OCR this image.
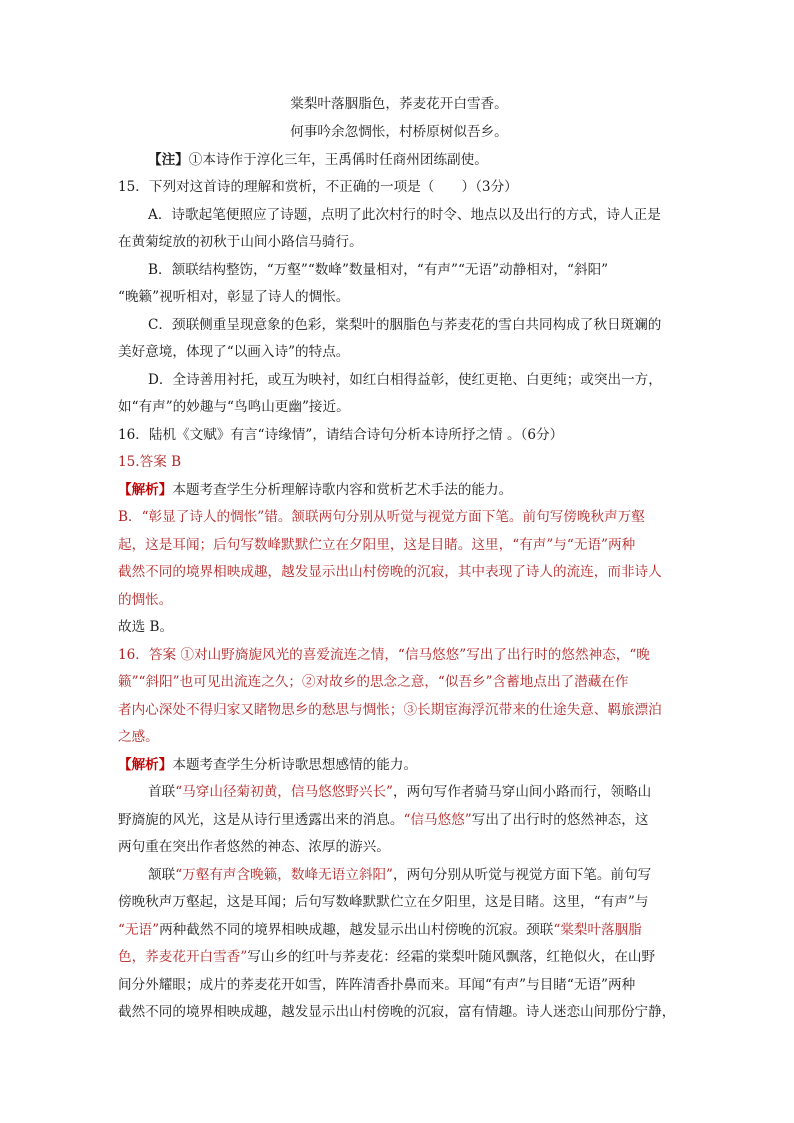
棠梨叶落胭脂色，荞麦花开白雪香。
何事吟余忽惆怅，村桥原树似吾乡。
【注】①本诗作于淳化三年，王禹偁时任商州团练副使。
15．下列对这首诗的理解和赏析，不正确的一项是（　　）（3分）
A．诗歌起笔便照应了诗题，点明了此次村行的时令、地点以及出行的方式，诗人正是
在黄菊绽放的初秋于山间小路信马骑行。
B．颔联结构整饬，“万壑”“数峰”数量相对，“有声”“无语”动静相对，“斜阳”
“晚籁”视听相对，彰显了诗人的惆怅。
C．颈联侧重呈现意象的色彩，棠梨叶的胭脂色与荞麦花的雪白共同构成了秋日斑斓的
美好意境，体现了“以画入诗”的特点。
D．全诗善用衬托，或互为映衬，如红白相得益彰，使红更艳、白更纯；或突出一方，
如“有声”的妙趣与“鸟鸣山更幽”接近。
16．陆机《文赋》有言“诗缘情”，请结合诗句分析本诗所抒之情 。（6分）
15.答案 B
【解析】本题考查学生分析理解诗歌内容和赏析艺术手法的能力。
B．“彰显了诗人的惆怅”错。颔联两句分别从听觉与视觉方面下笔。前句写傍晚秋声万壑
起，这是耳闻；后句写数峰默默伫立在夕阳里，这是目睹。这里，“有声”与“无语”两种
截然不同的境界相映成趣，越发显示出山村傍晚的沉寂，其中表现了诗人的流连，而非诗人
的惆怅。
故选 B。
16．答案 ①对山野旖旎风光的喜爱流连之情，“信马悠悠”写出了出行时的悠然神态，“晚
籁”“斜阳”也可见出流连之久；②对故乡的思念之意，“似吾乡”含蓄地点出了潜藏在作
者内心深处不得归家又睹物思乡的愁思与惆怅；③长期宦海浮沉带来的仕途失意、羁旅漂泊
之感。
【解析】本题考查学生分析诗歌思想感情的能力。
首联“马穿山径菊初黄，信马悠悠野兴长”，两句写作者骑马穿山间小路而行，领略山
野旖旎的风光，这是从诗行里透露出来的消息。“信马悠悠”写出了出行时的悠然神态，这
两句重在突出作者悠然的神态、浓厚的游兴。
颔联“万壑有声含晚籁，数峰无语立斜阳”，两句分别从听觉与视觉方面下笔。前句写
傍晚秋声万壑起，这是耳闻；后句写数峰默默伫立在夕阳里，这是目睹。这里，“有声”与
“无语”两种截然不同的境界相映成趣，越发显示出山村傍晚的沉寂。颈联“棠梨叶落胭脂
色，荞麦花开白雪香”写山乡的红叶与荞麦花：经霜的棠梨叶随风飘落，红艳似火，在山野
间分外耀眼；成片的荞麦花开如雪，阵阵清香扑鼻而来。耳闻“有声”与目睹“无语”两种
截然不同的境界相映成趣，越发显示出山村傍晚的沉寂，富有情趣。诗人迷恋山间那份宁静，
